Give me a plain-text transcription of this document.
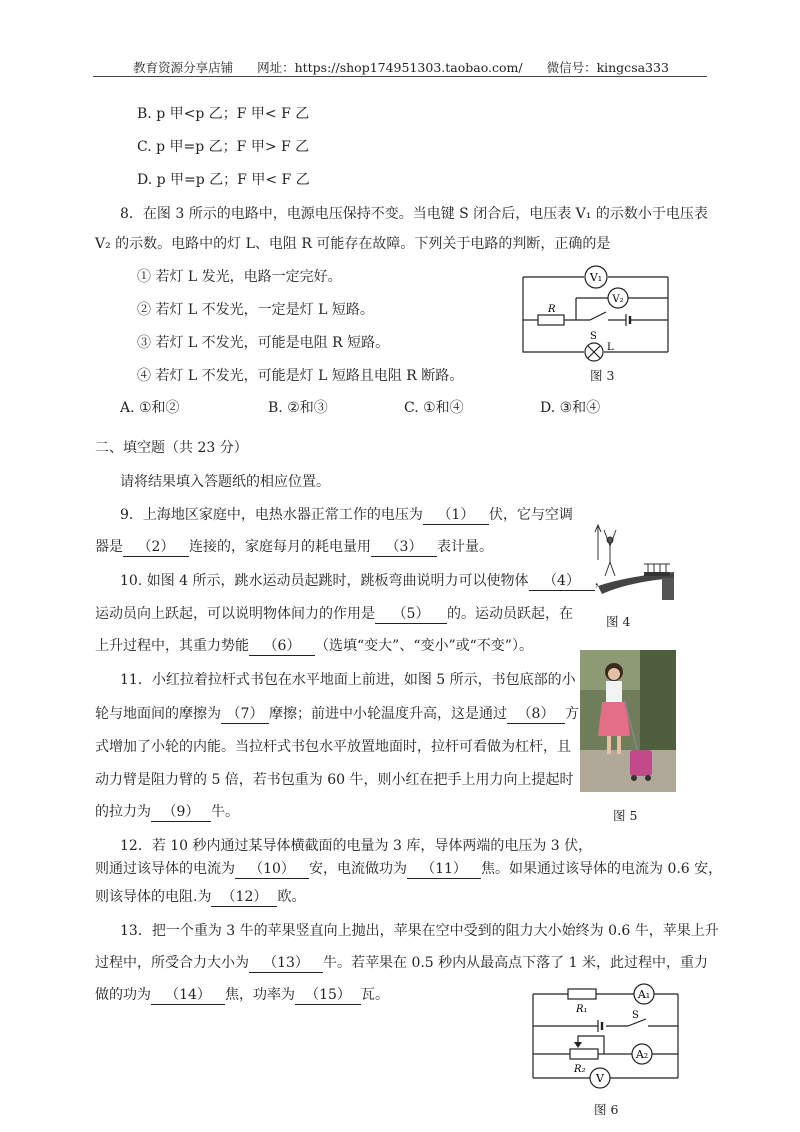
教育资源分享店铺 网址：https://shop174951303.taobao.com/ 微信号：kingcsa333
B. p 甲<p 乙；F 甲< F 乙
C. p 甲=p 乙；F 甲> F 乙
D. p 甲=p 乙；F 甲< F 乙
8．在图 3 所示的电路中，电源电压保持不变。当电键 S 闭合后，电压表 V₁ 的示数小于电压表
V₂ 的示数。电路中的灯 L、电阻 R 可能存在故障。下列关于电路的判断，正确的是
① 若灯 L 发光，电路一定完好。
② 若灯 L 不发光，一定是灯 L 短路。
③ 若灯 L 不发光，可能是电阻 R 短路。
④ 若灯 L 不发光，可能是灯 L 短路且电阻 R 断路。
A. ①和②	B. ②和③	C. ①和④	D. ③和④
V₁
V₂
R
S
L
图 3
二、填空题（共 23 分）
请将结果填入答题纸的相应位置。
9．上海地区家庭中，电热水器正常工作的电压为 （1） 伏，它与空调
器是 （2） 连接的，家庭每月的耗电量用 （3） 表计量。
图 4
10. 如图 4 所示，跳水运动员起跳时，跳板弯曲说明力可以使物体 （4） ，
运动员向上跃起，可以说明物体间力的作用是 （5） 的。运动员跃起，在
上升过程中，其重力势能 （6） （选填“变大”、“变小”或“不变”）。
图 5
11．小红拉着拉杆式书包在水平地面上前进，如图 5 所示，书包底部的小
轮与地面间的摩擦为 （7） 摩擦；前进中小轮温度升高，这是通过 （8） 方
式增加了小轮的内能。当拉杆式书包水平放置地面时，拉杆可看做为杠杆，且
动力臂是阻力臂的 5 倍，若书包重为 60 牛，则小红在把手上用力向上提起时
的拉力为 （9） 牛。
12．若 10 秒内通过某导体横截面的电量为 3 库，导体两端的电压为 3 伏，
则通过该导体的电流为 （10） 安，电流做功为 （11） 焦。如果通过该导体的电流为 0.6 安，
则该导体的电阻.为 （12） 欧。
13．把一个重为 3 牛的苹果竖直向上抛出，苹果在空中受到的阻力大小始终为 0.6 牛，苹果上升
过程中，所受合力大小为 （13） 牛。若苹果在 0.5 秒内从最高点下落了 1 米，此过程中，重力
做的功为 （14） 焦，功率为 （15） 瓦。	A₁
A₂
V
R₁
R₂
S
图 6
